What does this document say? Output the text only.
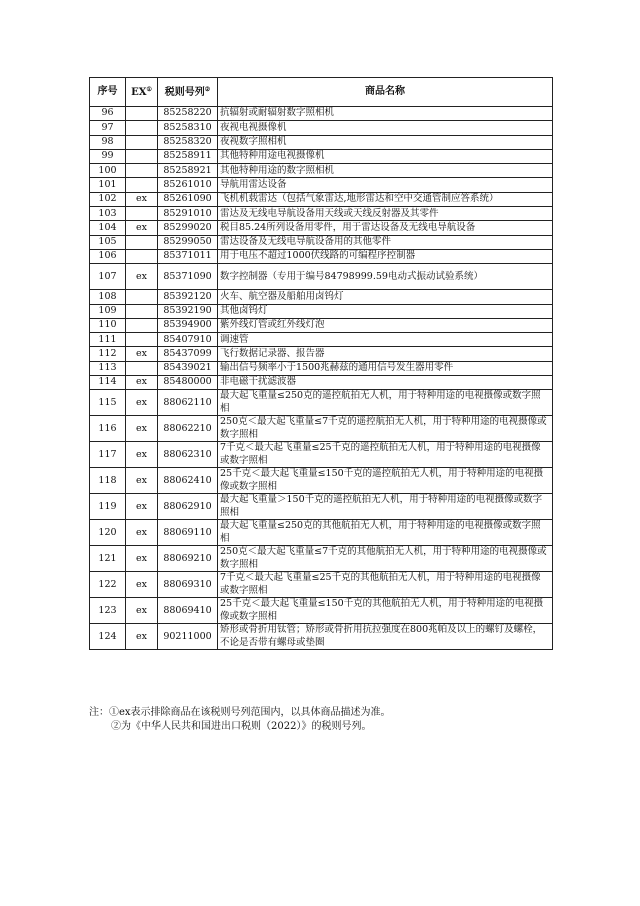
序号	EX①	税则号列②	商品名称
96		85258220	抗辐射或耐辐射数字照相机
97		85258310	夜视电视摄像机
98		85258320	夜视数字照相机
99		85258911	其他特种用途电视摄像机
100		85258921	其他特种用途的数字照相机
101		85261010	导航用雷达设备
102	ex	85261090	飞机机载雷达（包括气象雷达,地形雷达和空中交通管制应答系统）
103		85291010	雷达及无线电导航设备用天线或天线反射器及其零件
104	ex	85299020	税目85.24所列设备用零件，用于雷达设备及无线电导航设备
105		85299050	雷达设备及无线电导航设备用的其他零件
106		85371011	用于电压不超过1000伏线路的可编程序控制器
107	ex	85371090	数字控制器（专用于编号84798999.59电动式振动试验系统）
108		85392120	火车、航空器及船舶用卤钨灯
109		85392190	其他卤钨灯
110		85394900	紫外线灯管或红外线灯泡
111		85407910	调速管
112	ex	85437099	飞行数据记录器、报告器
113		85439021	输出信号频率小于1500兆赫兹的通用信号发生器用零件
114	ex	85480000	非电磁干扰滤波器
115	ex	88062110	最大起飞重量≤250克的遥控航拍无人机，用于特种用途的电视摄像或数字照相
116	ex	88062210	250克＜最大起飞重量≤7千克的遥控航拍无人机，用于特种用途的电视摄像或数字照相
117	ex	88062310	7千克＜最大起飞重量≤25千克的遥控航拍无人机，用于特种用途的电视摄像或数字照相
118	ex	88062410	25千克＜最大起飞重量≤150千克的遥控航拍无人机，用于特种用途的电视摄像或数字照相
119	ex	88062910	最大起飞重量＞150千克的遥控航拍无人机，用于特种用途的电视摄像或数字照相
120	ex	88069110	最大起飞重量≤250克的其他航拍无人机，用于特种用途的电视摄像或数字照相
121	ex	88069210	250克＜最大起飞重量≤7千克的其他航拍无人机，用于特种用途的电视摄像或数字照相
122	ex	88069310	7千克＜最大起飞重量≤25千克的其他航拍无人机，用于特种用途的电视摄像或数字照相
123	ex	88069410	25千克＜最大起飞重量≤150千克的其他航拍无人机，用于特种用途的电视摄像或数字照相
124	ex	90211000	矫形或骨折用钛管；矫形或骨折用抗拉强度在800兆帕及以上的螺钉及螺栓，不论是否带有螺母或垫圈
注：①ex表示排除商品在该税则号列范围内，以具体商品描述为准。
②为《中华人民共和国进出口税则（2022）》的税则号列。
